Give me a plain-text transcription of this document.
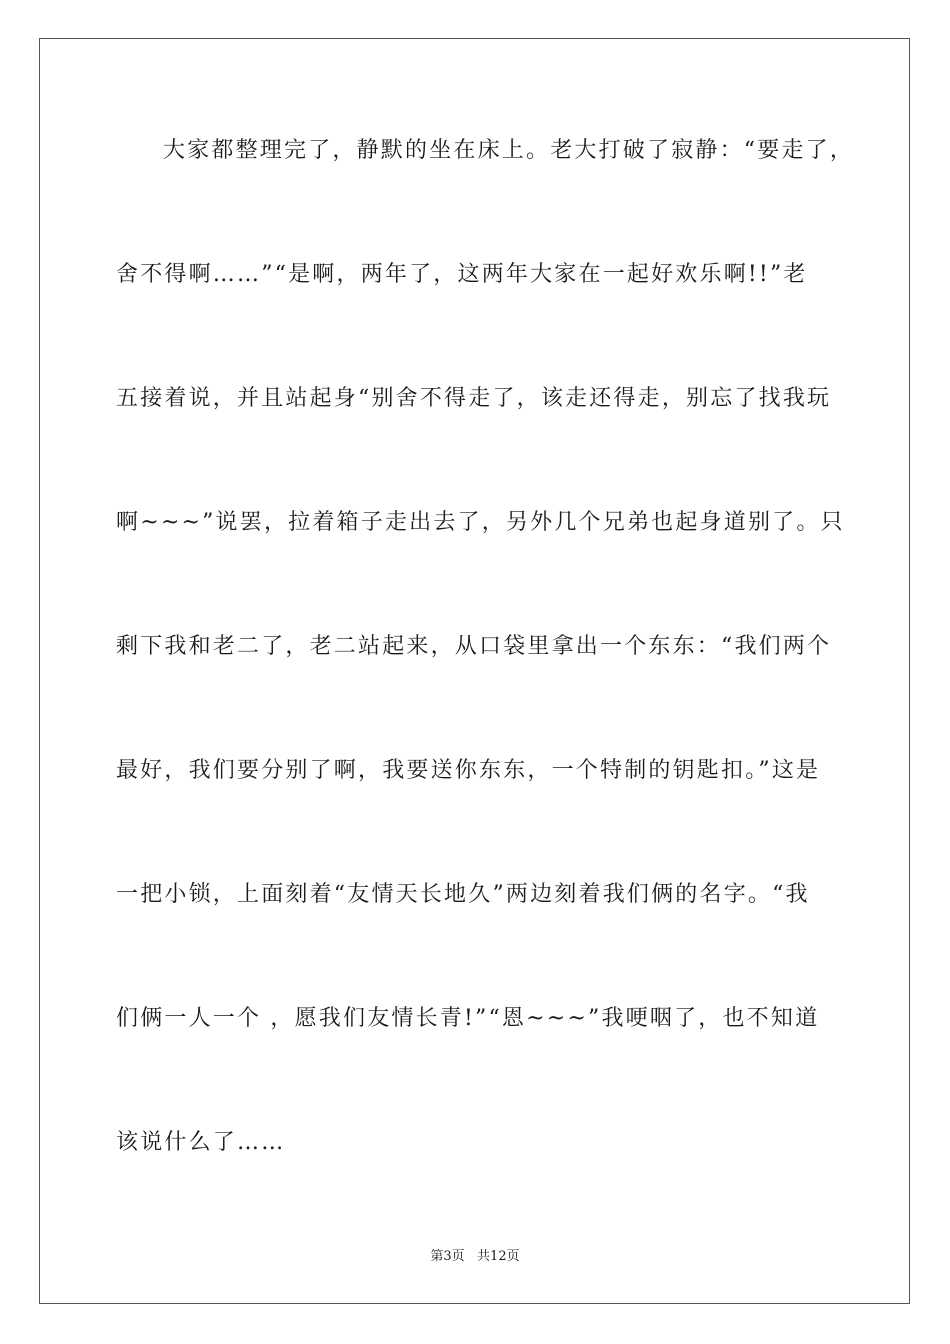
大家都整理完了，静默的坐在床上。老大打破了寂静：“要走了，
舍不得啊……”“是啊，两年了，这两年大家在一起好欢乐啊!!”老
五接着说，并且站起身“别舍不得走了，该走还得走，别忘了找我玩
啊~~~”说罢，拉着箱子走出去了，另外几个兄弟也起身道别了。只
剩下我和老二了，老二站起来，从口袋里拿出一个东东：“我们两个
最好，我们要分别了啊，我要送你东东，一个特制的钥匙扣。”这是
一把小锁，上面刻着“友情天长地久”两边刻着我们俩的名字。“我
们俩一人一个 ，愿我们友情长青!”“恩~~~”我哽咽了，也不知道
该说什么了……
第3页   共12页
